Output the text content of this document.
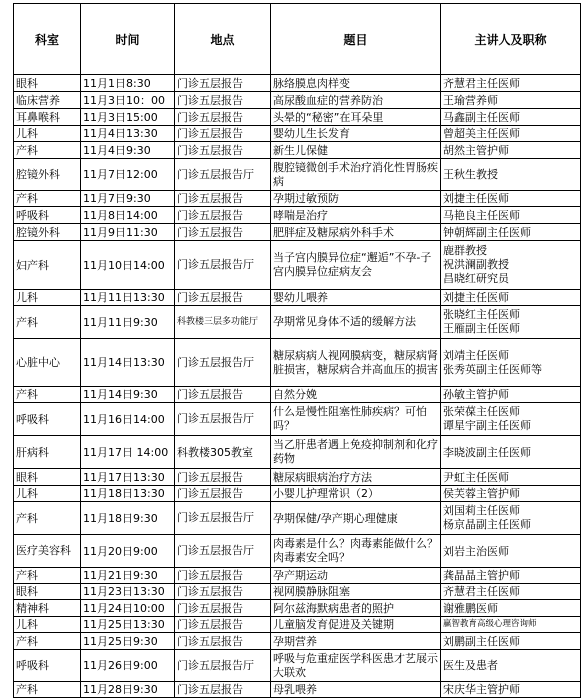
科室	时间	地点	题目	主讲人及职称
眼科	11月1日8:30	门诊五层报告	脉络膜息肉样变	齐慧君主任医师
临床营养	11月3日10：00	门诊五层报告	高尿酸血症的营养防治	王瑜营养师
耳鼻喉科	11月3日15:00	门诊五层报告	头晕的“秘密”在耳朵里	马鑫副主任医师
儿科	11月4日13:30	门诊五层报告	婴幼儿生长发育	曾超美主任医师
产科	11月4日9:30	门诊五层报告	新生儿保健	胡然主管护师
腔镜外科	11月7日12:00	门诊五层报告厅	腹腔镜微创手术治疗消化性胃肠疾病	王秋生教授
产科	11月7日9:30	门诊五层报告	孕期过敏预防	刘捷主任医师
呼吸科	11月8日14:00	门诊五层报告	哮喘是治疗	马艳良主任医师
腔镜外科	11月9日11:30	门诊五层报告	肥胖症及糖尿病外科手术	钟朝辉副主任医师
妇产科	11月10日14:00	门诊五层报告厅	当子宫内膜异位症“邂逅”不孕-子宫内膜异位症病友会	鹿群教授
祝洪澜副教授
昌晓红研究员
儿科	11月11日13:30	门诊五层报告	婴幼儿喂养	刘捷主任医师
产科	11月11日9:30	科教楼三层多功能厅	孕期常见身体不适的缓解方法	张晓红主任医师
王雁副主任医师
心脏中心	11月14日13:30	门诊五层报告厅	糖尿病病人视网膜病变，糖尿病肾脏损害，糖尿病合并高血压的损害	刘靖主任医师
张秀英副主任医师等
产科	11月14日9:30	门诊五层报告	自然分娩	孙敏主管护师
呼吸科	11月16日14:00	门诊五层报告厅	什么是慢性阻塞性肺疾病？可怕吗？	张荣葆主任医师
谭星宇副主任医师
肝病科	11月17日 14:00	科教楼305教室	当乙肝患者遇上免疫抑制剂和化疗药物	李晓波副主任医师
眼科	11月17日13:30	门诊五层报告	糖尿病眼病治疗方法	尹虹主任医师
儿科	11月18日13:30	门诊五层报告	小婴儿护理常识（2）	侯芙蓉主管护师
产科	11月18日9:30	门诊五层报告厅	孕期保健/孕产期心理健康	刘国莉主任医师
杨京晶副主任医师
医疗美容科	11月20日9:00	门诊五层报告厅	肉毒素是什么？肉毒素能做什么？肉毒素安全吗？	刘岩主治医师
产科	11月21日9:30	门诊五层报告	孕产期运动	龚晶晶主管护师
眼科	11月23日13:30	门诊五层报告	视网膜静脉阻塞	齐慧君主任医师
精神科	11月24日10:00	门诊五层报告	阿尔兹海默病患者的照护	谢雅鹏医师
儿科	11月25日13:30	门诊五层报告	儿童脑发育促进及关键期	赢智教育高级心理咨询师
产科	11月25日9:30	门诊五层报告	孕期营养	刘鹏副主任医师
呼吸科	11月26日9:00	门诊五层报告厅	呼吸与危重症医学科医患才艺展示大联欢	医生及患者
产科	11月28日9:30	门诊五层报告	母乳喂养	宋庆华主管护师
